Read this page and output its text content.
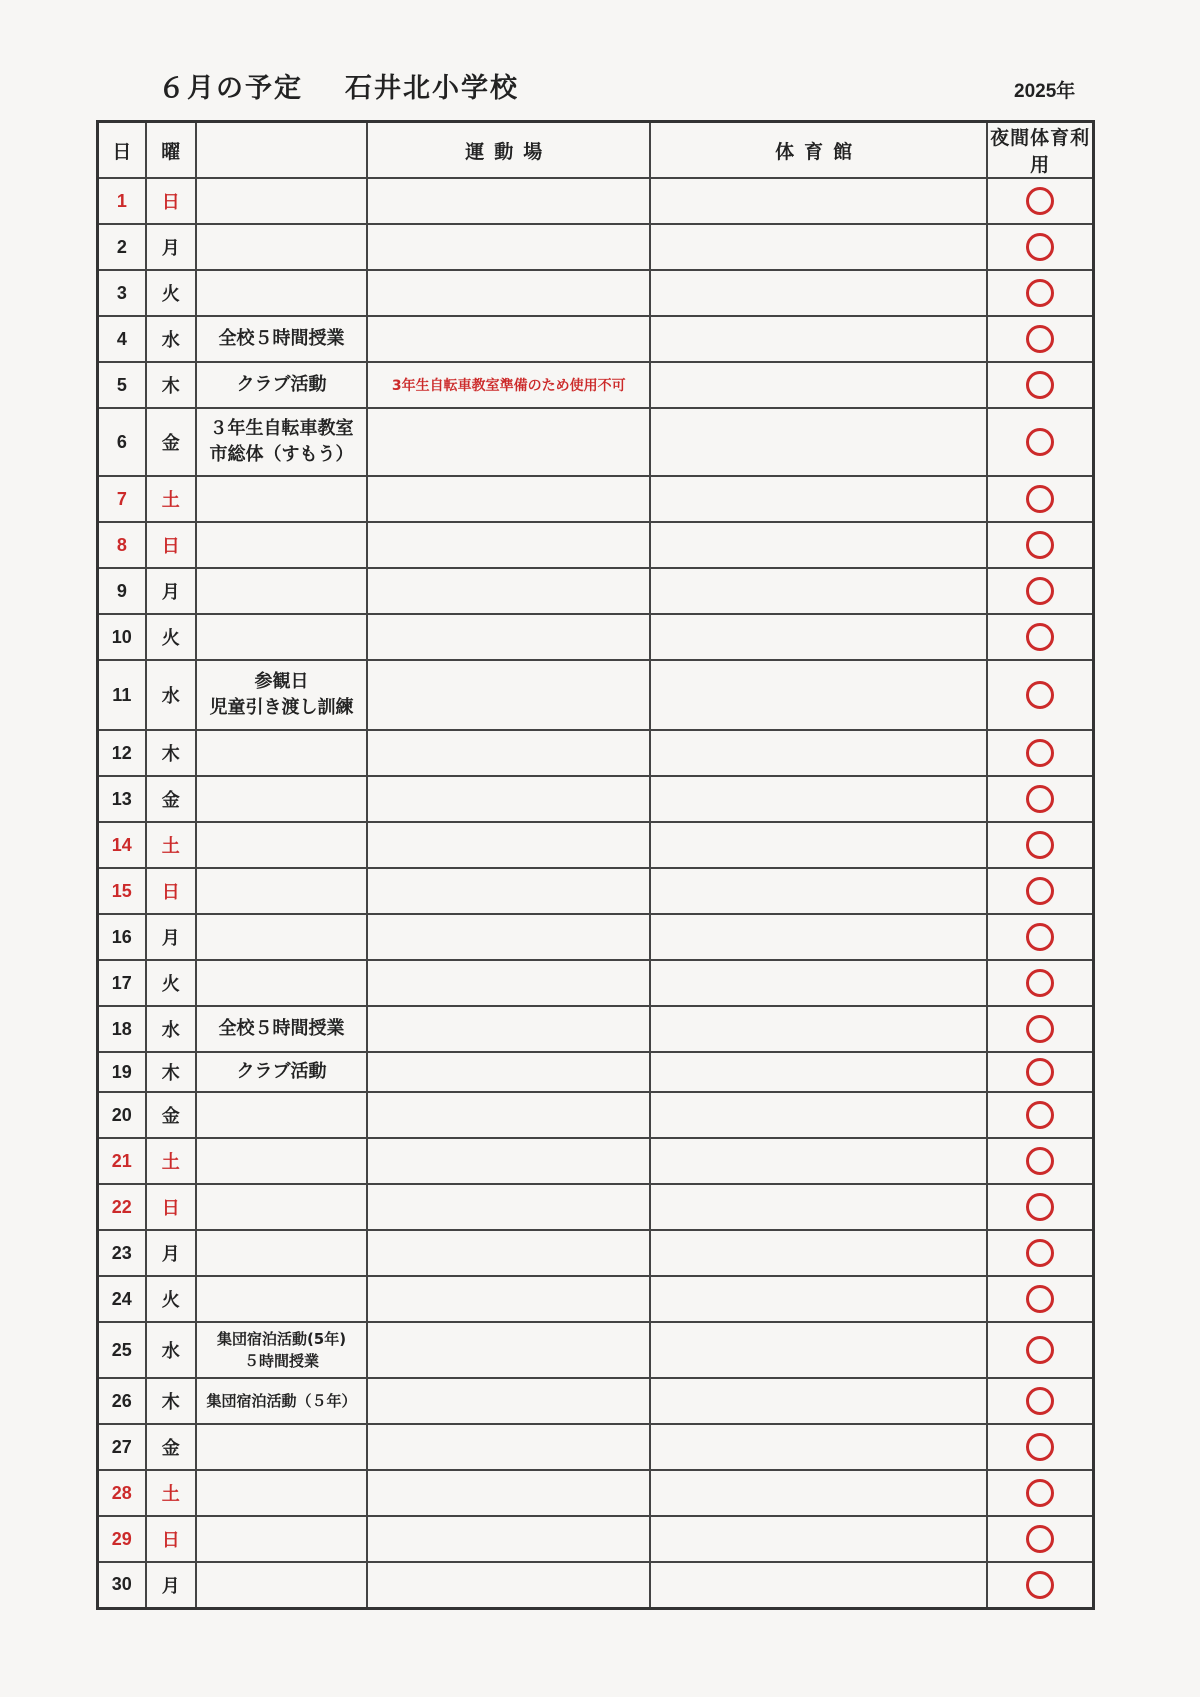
６月の予定 石井北小学校	2025年
日	曜		運動場	体育館	夜間体育利用
1	日				
2	月				
3	火				
4	水	全校５時間授業			

5	木	クラブ活動	3年生自転車教室準備のため使用不可		
6	金	３年生自転車教室
市総体（すもう）			

7	土				
8	日				
9	月				
10	火				
11	水	参観日
児童引き渡し訓練			

12	木				
13	金				
14	土				
15	日				
16	月				
17	火				
18	水	全校５時間授業			

19	木	クラブ活動			

20	金				
21	土				
22	日				
23	月				
24	火				
25	水	集団宿泊活動(5年)
５時間授業			

26	木	集団宿泊活動（５年）			

27	金				
28	土				
29	日				
30	月				
